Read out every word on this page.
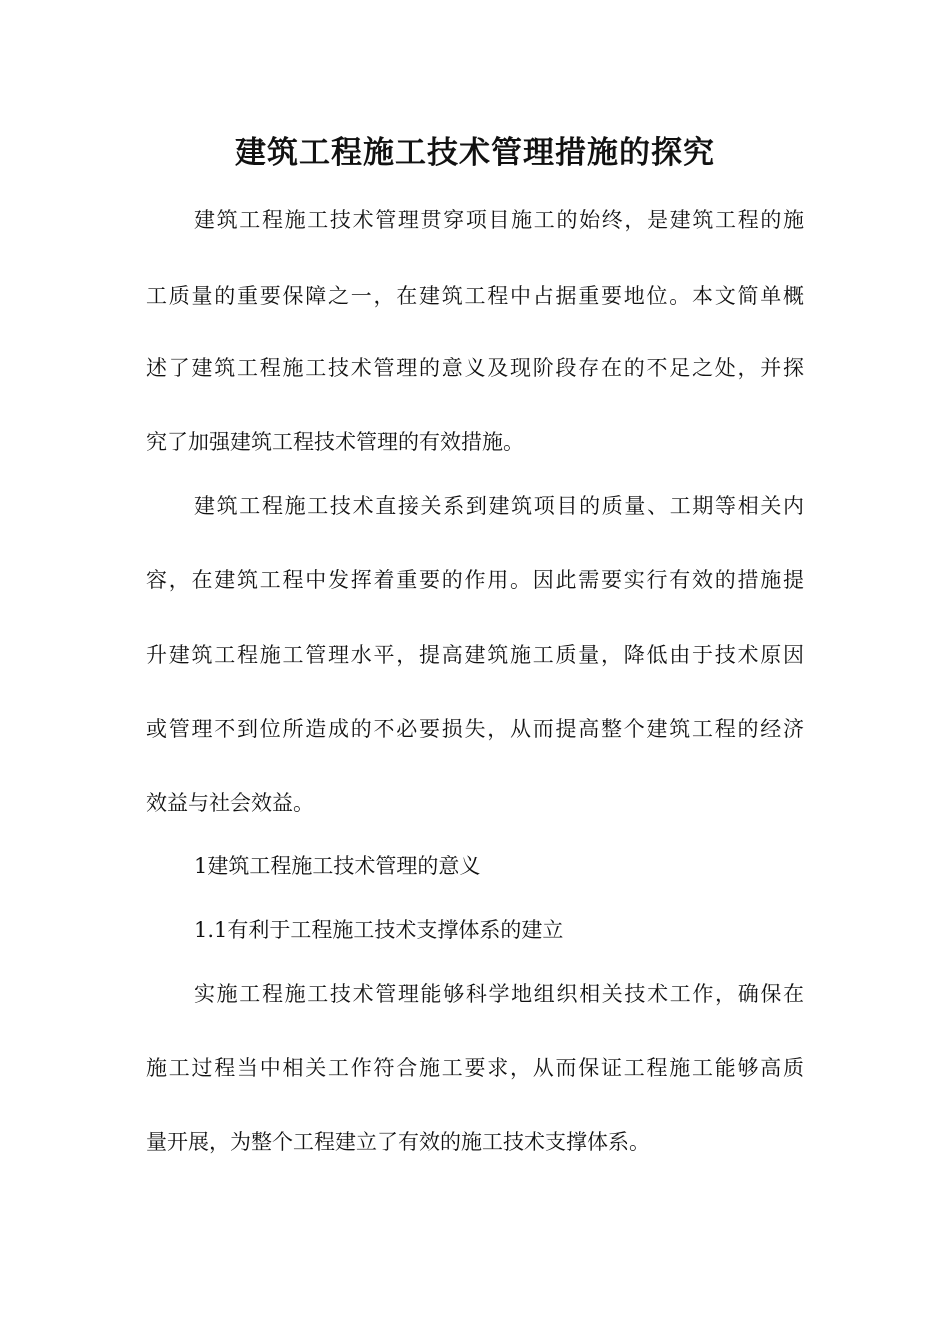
建筑工程施工技术管理措施的探究
建筑工程施工技术管理贯穿项目施工的始终，是建筑工程的施
工质量的重要保障之一，在建筑工程中占据重要地位。本文简单概
述了建筑工程施工技术管理的意义及现阶段存在的不足之处，并探
究了加强建筑工程技术管理的有效措施。
建筑工程施工技术直接关系到建筑项目的质量、工期等相关内
容，在建筑工程中发挥着重要的作用。因此需要实行有效的措施提
升建筑工程施工管理水平，提高建筑施工质量，降低由于技术原因
或管理不到位所造成的不必要损失，从而提高整个建筑工程的经济
效益与社会效益。
1建筑工程施工技术管理的意义
1.1有利于工程施工技术支撑体系的建立
实施工程施工技术管理能够科学地组织相关技术工作，确保在
施工过程当中相关工作符合施工要求，从而保证工程施工能够高质
量开展，为整个工程建立了有效的施工技术支撑体系。
